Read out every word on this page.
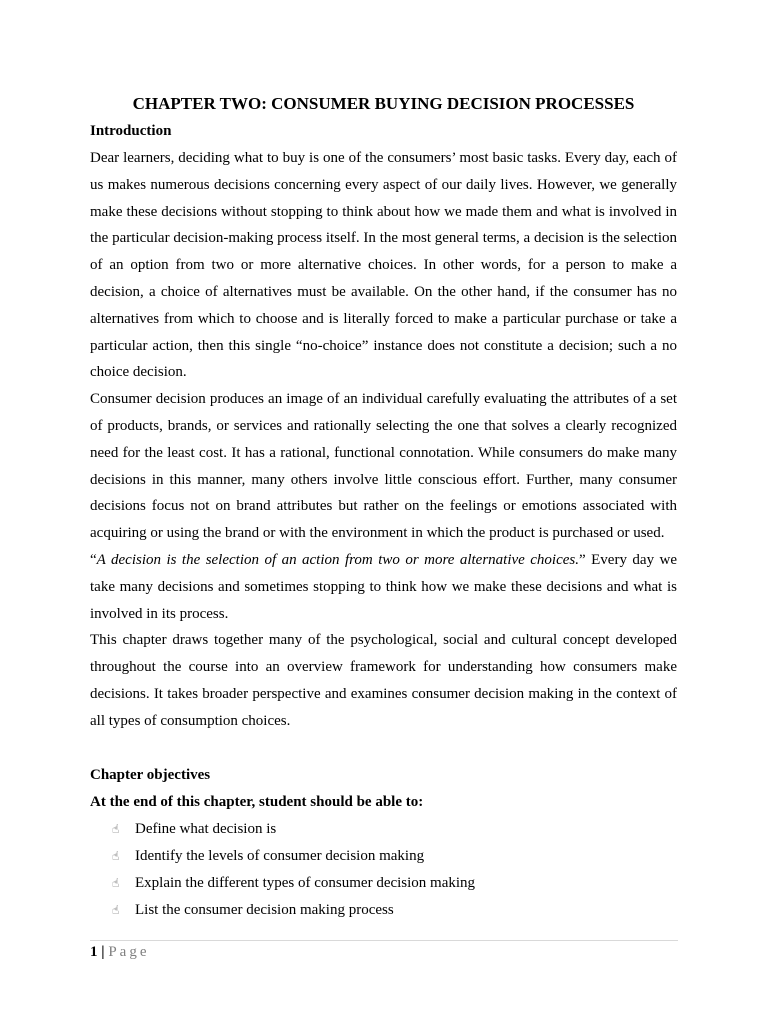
CHAPTER TWO: CONSUMER BUYING DECISION PROCESSES
Introduction

Dear learners, deciding what to buy is one of the consumers’ most basic tasks. Every day, each of us makes numerous decisions concerning every aspect of our daily lives. However, we generally make these decisions without stopping to think about how we made them and what is involved in the particular decision-making process itself. In the most general terms, a decision is the selection of an option from two or more alternative choices. In other words, for a person to make a decision, a choice of alternatives must be available. On the other hand, if the consumer has no alternatives from which to choose and is literally forced to make a particular purchase or take a particular action, then this single “no-choice” instance does not constitute a decision; such a no choice decision.

Consumer decision produces an image of an individual carefully evaluating the attributes of a set of products, brands, or services and rationally selecting the one that solves a clearly recognized need for the least cost. It has a rational, functional connotation. While consumers do make many decisions in this manner, many others involve little conscious effort. Further, many consumer decisions focus not on brand attributes but rather on the feelings or emotions associated with acquiring or using the brand or with the environment in which the product is purchased or used.

“A decision is the selection of an action from two or more alternative choices.” Every day we take many decisions and sometimes stopping to think how we make these decisions and what is involved in its process.

This chapter draws together many of the psychological, social and cultural concept developed throughout the course into an overview framework for understanding how consumers make decisions. It takes broader perspective and examines consumer decision making in the context of all types of consumption choices.

Chapter objectives
At the end of this chapter, student should be able to:
☝	Define what decision is
☝	Identify the levels of consumer decision making
☝	Explain the different types of consumer decision making
☝	List the consumer decision making process
1 | Page
